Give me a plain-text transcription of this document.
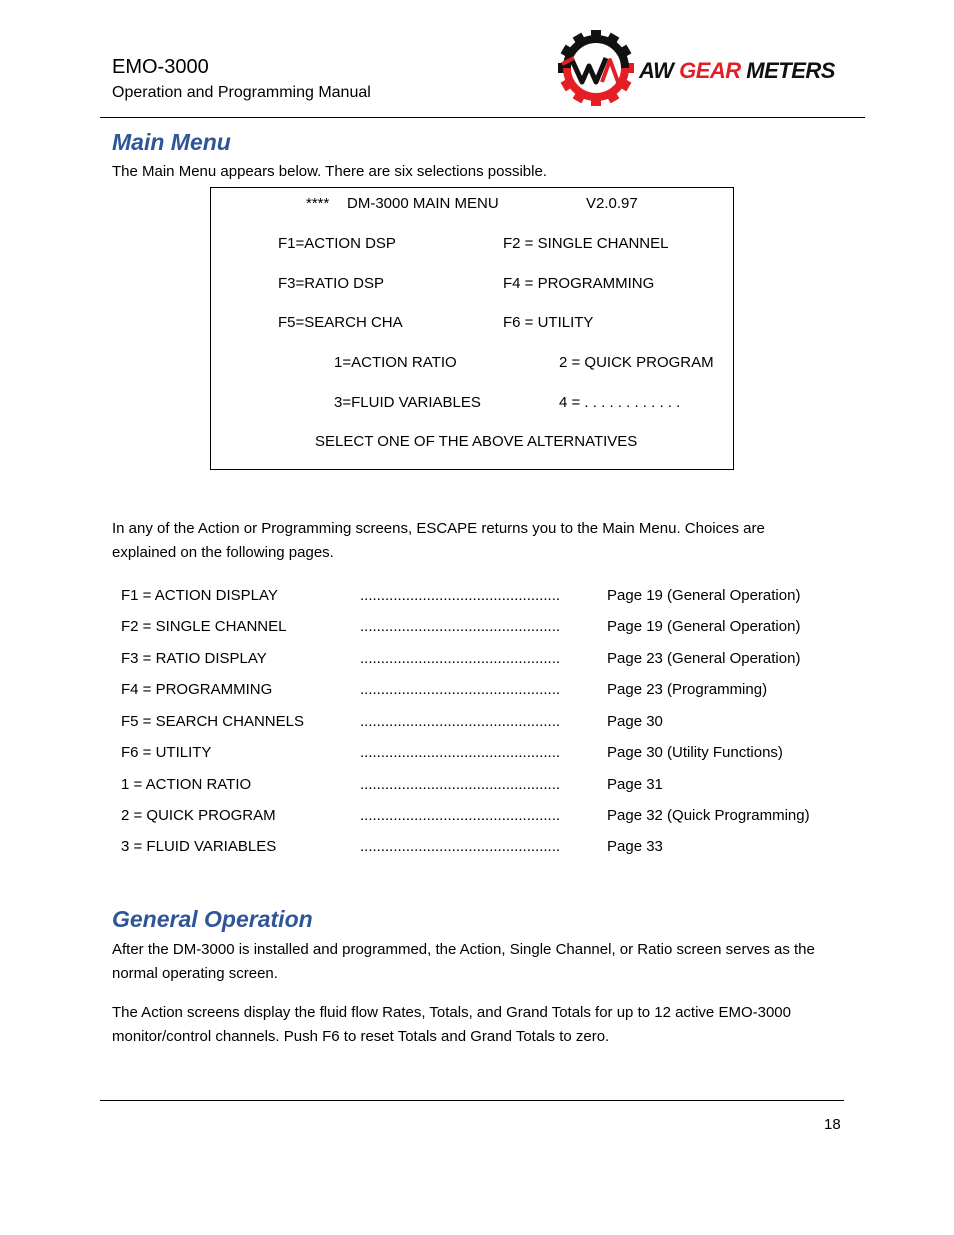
EMO-3000
Operation and Programming Manual
AW GEAR METERS
Main Menu
The Main Menu appears below. There are six selections possible.
**** DM-3000 MAIN MENU	V2.0.97
F1=ACTION DSP	F2 = SINGLE CHANNEL
F3=RATIO DSP	F4 = PROGRAMMING
F5=SEARCH CHA	F6 = UTILITY
1=ACTION RATIO	2 = QUICK PROGRAM
3=FLUID VARIABLES	4 = . . . . . . . . . . . .
SELECT ONE OF THE ABOVE ALTERNATIVES
In any of the Action or Programming screens, ESCAPE returns you to the Main Menu. Choices are explained on the following pages.
F1 = ACTION DISPLAY	................................................	Page 19 (General Operation)
F2 = SINGLE CHANNEL	................................................	Page 19 (General Operation)
F3 = RATIO DISPLAY	................................................	Page 23 (General Operation)
F4 = PROGRAMMING	................................................	Page 23 (Programming)
F5 = SEARCH CHANNELS	................................................	Page 30
F6 = UTILITY	................................................	Page 30 (Utility Functions)
1 = ACTION RATIO	................................................	Page 31
2 = QUICK PROGRAM	................................................	Page 32 (Quick Programming)
3 = FLUID VARIABLES	................................................	Page 33
General Operation
After the DM-3000 is installed and programmed, the Action, Single Channel, or Ratio screen serves as the normal operating screen.
The Action screens display the fluid flow Rates, Totals, and Grand Totals for up to 12 active EMO-3000 monitor/control channels. Push F6 to reset Totals and Grand Totals to zero.
18
